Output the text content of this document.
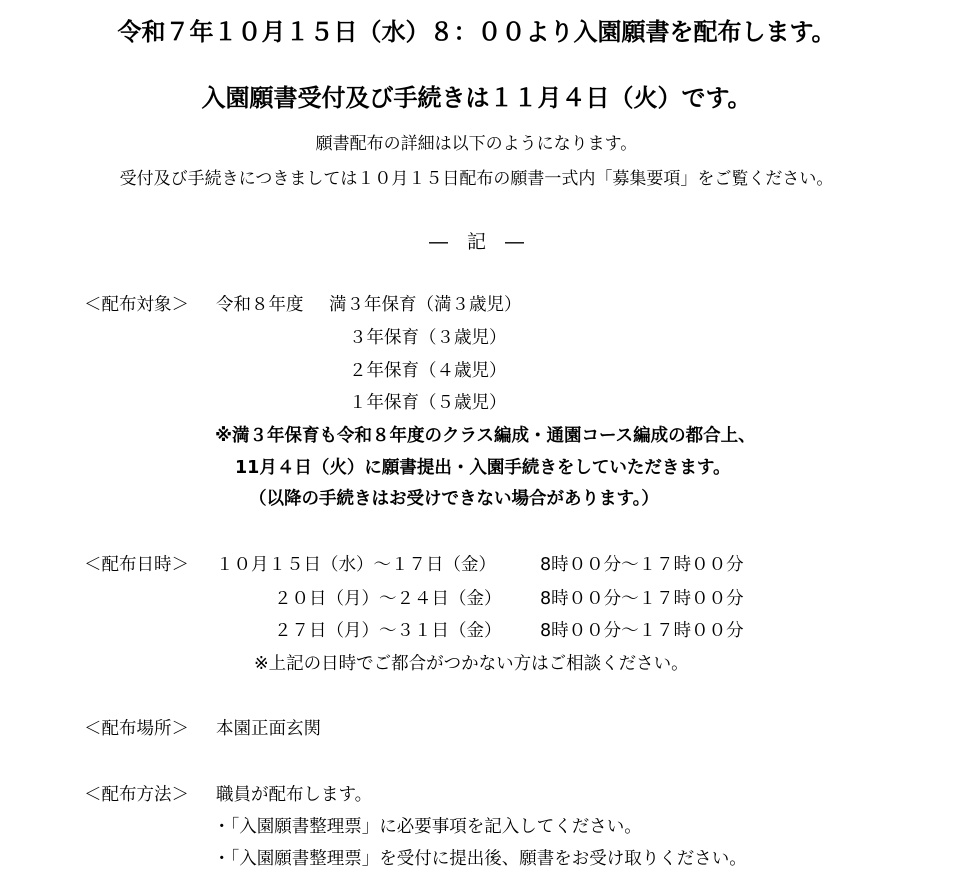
令和７年１０月１５日（水）８：００より入園願書を配布します。
入園願書受付及び手続きは１１月４日（火）です。
願書配布の詳細は以下のようになります。
受付及び手続きにつきましては１０月１５日配布の願書一式内「募集要項」をご覧ください。
―　記　―
＜配布対象＞ 令和８年度 満３年保育（満３歳児）
３年保育（３歳児）
２年保育（４歳児）
１年保育（５歳児）
※満３年保育も令和８年度のクラス編成・通園コース編成の都合上、
11月４日（火）に願書提出・入園手続きをしていただきます。
（以降の手続きはお受けできない場合があります。）
＜配布日時＞ １０月１５日（水）～１７日（金）	8時００分～１７時００分
２０日（月）～２４日（金） 8時００分～１７時００分
２７日（月）～３１日（金） 8時００分～１７時００分
※上記の日時でご都合がつかない方はご相談ください。
＜配布場所＞ 本園正面玄関
＜配布方法＞ 職員が配布します。
・「入園願書整理票」に必要事項を記入してください。
・「入園願書整理票」を受付に提出後、願書をお受け取りください。
